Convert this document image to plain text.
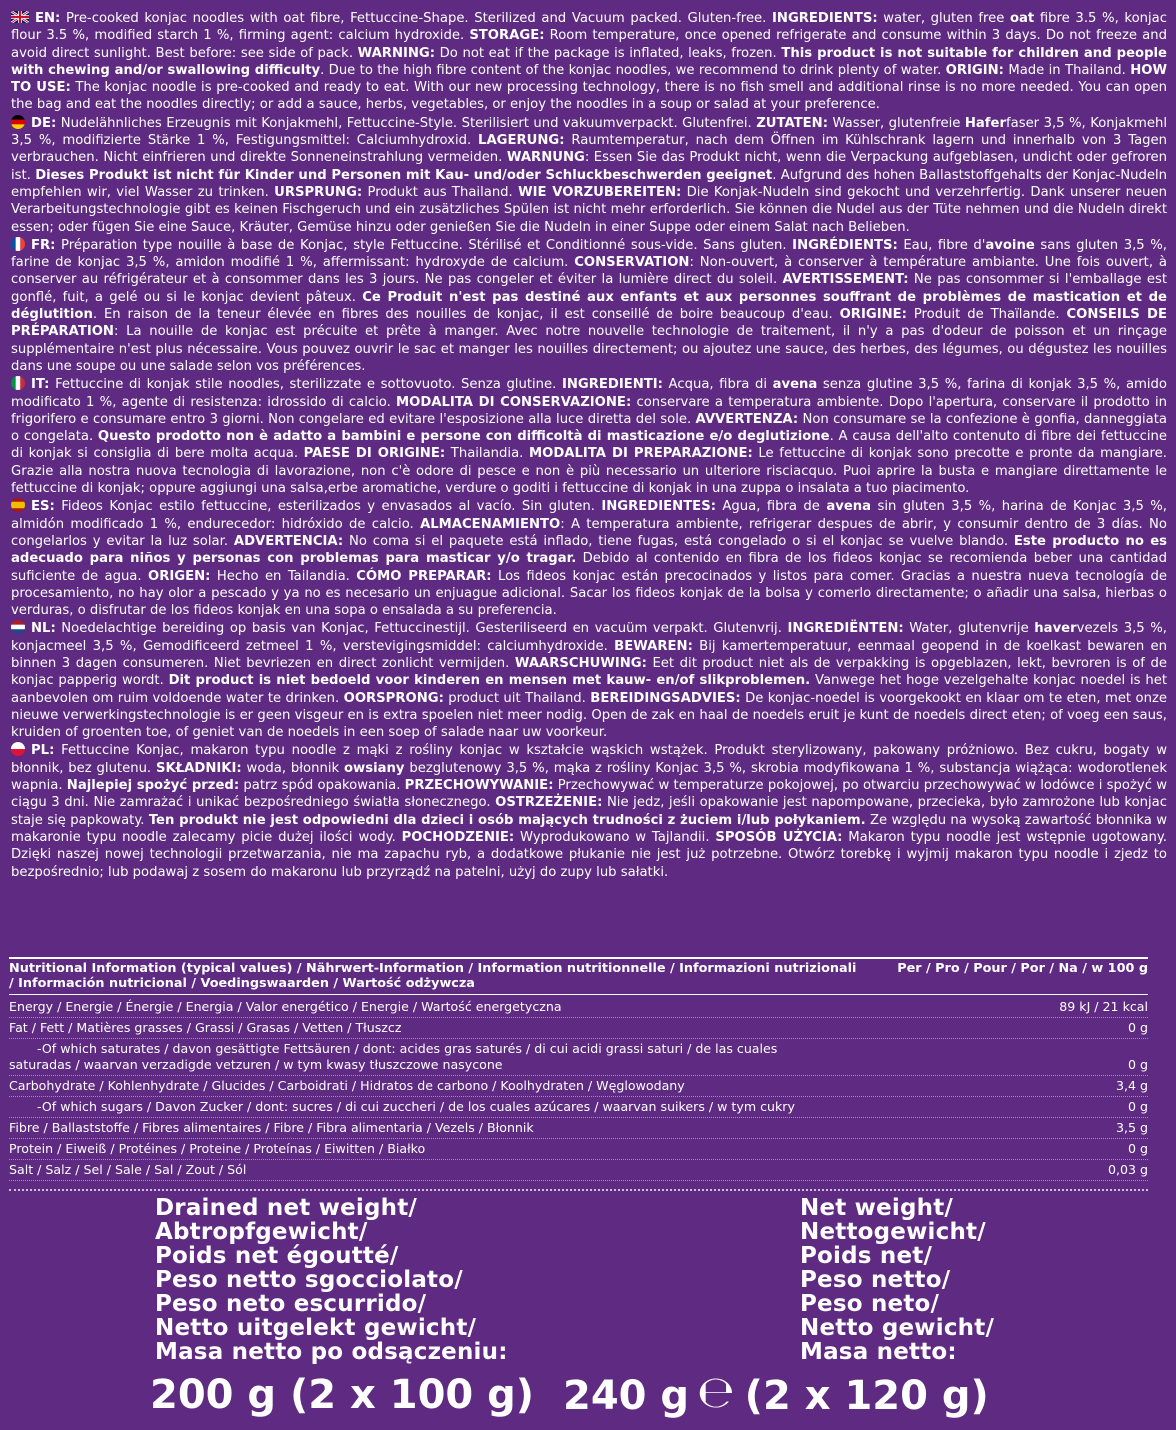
EN: Pre-cooked konjac noodles with oat fibre, Fettuccine-Shape. Sterilized and Vacuum packed. Gluten-free. INGREDIENTS: water, gluten free oat fibre 3.5 %, konjac flour 3.5 %, modified starch 1 %, firming agent: calcium hydroxide. STORAGE: Room temperature, once opened refrigerate and consume within 3 days. Do not freeze and avoid direct sunlight. Best before: see side of pack. WARNING: Do not eat if the package is inflated, leaks, frozen. This product is not suitable for children and people with chewing and/or swallowing difficulty. Due to the high fibre content of the konjac noodles, we recommend to drink plenty of water. ORIGIN: Made in Thailand. HOW TO USE: The konjac noodle is pre-cooked and ready to eat. With our new processing technology, there is no fish smell and additional rinse is no more needed. You can open the bag and eat the noodles directly; or add a sauce, herbs, vegetables, or enjoy the noodles in a soup or salad at your preference.

DE: Nudelähnliches Erzeugnis mit Konjakmehl, Fettuccine-Style. Sterilisiert und vakuumverpackt. Glutenfrei. ZUTATEN: Wasser, glutenfreie Haferfaser 3,5 %, Konjakmehl 3,5 %, modifizierte Stärke 1 %, Festigungsmittel: Calciumhydroxid. LAGERUNG: Raumtemperatur, nach dem Öffnen im Kühlschrank lagern und innerhalb von 3 Tagen verbrauchen. Nicht einfrieren und direkte Sonneneinstrahlung vermeiden. WARNUNG: Essen Sie das Produkt nicht, wenn die Verpackung aufgeblasen, undicht oder gefroren ist. Dieses Produkt ist nicht für Kinder und Personen mit Kau- und/oder Schluckbeschwerden geeignet. Aufgrund des hohen Ballaststoffgehalts der Konjac-Nudeln empfehlen wir, viel Wasser zu trinken. URSPRUNG: Produkt aus Thailand. WIE VORZUBEREITEN: Die Konjak-Nudeln sind gekocht und verzehrfertig. Dank unserer neuen Verarbeitungstechnologie gibt es keinen Fischgeruch und ein zusätzliches Spülen ist nicht mehr erforderlich. Sie können die Nudel aus der Tüte nehmen und die Nudeln direkt essen; oder fügen Sie eine Sauce, Kräuter, Gemüse hinzu oder genießen Sie die Nudeln in einer Suppe oder einem Salat nach Belieben.

FR: Préparation type nouille à base de Konjac, style Fettuccine. Stérilisé et Conditionné sous-vide. Sans gluten. INGRÉDIENTS: Eau, fibre d'avoine sans gluten 3,5 %, farine de konjac 3,5 %, amidon modifié 1 %, affermissant: hydroxyde de calcium. CONSERVATION: Non-ouvert, à conserver à température ambiante. Une fois ouvert, à conserver au réfrigérateur et à consommer dans les 3 jours. Ne pas congeler et éviter la lumière direct du soleil. AVERTISSEMENT: Ne pas consommer si l'emballage est gonflé, fuit, a gelé ou si le konjac devient pâteux. Ce Produit n'est pas destiné aux enfants et aux personnes souffrant de problèmes de mastication et de déglutition. En raison de la teneur élevée en fibres des nouilles de konjac, il est conseillé de boire beaucoup d'eau. ORIGINE: Produit de Thaïlande. CONSEILS DE PRÉPARATION: La nouille de konjac est précuite et prête à manger. Avec notre nouvelle technologie de traitement, il n'y a pas d'odeur de poisson et un rinçage supplémentaire n'est plus nécessaire. Vous pouvez ouvrir le sac et manger les nouilles directement; ou ajoutez une sauce, des herbes, des légumes, ou dégustez les nouilles dans une soupe ou une salade selon vos préférences.

IT: Fettuccine di konjak stile noodles, sterilizzate e sottovuoto. Senza glutine. INGREDIENTI: Acqua, fibra di avena senza glutine 3,5 %, farina di konjak 3,5 %, amido modificato 1 %, agente di resistenza: idrossido di calcio. MODALITA DI CONSERVAZIONE: conservare a temperatura ambiente. Dopo l'apertura, conservare il prodotto in frigorifero e consumare entro 3 giorni. Non congelare ed evitare l'esposizione alla luce diretta del sole. AVVERTENZA: Non consumare se la confezione è gonfia, danneggiata o congelata. Questo prodotto non è adatto a bambini e persone con difficoltà di masticazione e/o deglutizione. A causa dell'alto contenuto di fibre dei fettuccine di konjak si consiglia di bere molta acqua. PAESE DI ORIGINE: Thailandia. MODALITA DI PREPARAZIONE: Le fettuccine di konjak sono precotte e pronte da mangiare. Grazie alla nostra nuova tecnologia di lavorazione, non c'è odore di pesce e non è più necessario un ulteriore risciacquo. Puoi aprire la busta e mangiare direttamente le fettuccine di konjak; oppure aggiungi una salsa,erbe aromatiche, verdure o goditi i fettuccine di konjak in una zuppa o insalata a tuo piacimento.

ES: Fideos Konjac estilo fettuccine, esterilizados y envasados al vacío. Sin gluten. INGREDIENTES: Agua, fibra de avena sin gluten 3,5 %, harina de Konjac 3,5 %, almidón modificado 1 %, endurecedor: hidróxido de calcio. ALMACENAMIENTO: A temperatura ambiente, refrigerar despues de abrir, y consumir dentro de 3 días. No congelarlos y evitar la luz solar. ADVERTENCIA: No coma si el paquete está inflado, tiene fugas, está congelado o si el konjac se vuelve blando. Este producto no es adecuado para niños y personas con problemas para masticar y/o tragar. Debido al contenido en fibra de los fideos konjac se recomienda beber una cantidad suficiente de agua. ORIGEN: Hecho en Tailandia. CÓMO PREPARAR: Los fideos konjac están precocinados y listos para comer. Gracias a nuestra nueva tecnología de procesamiento, no hay olor a pescado y ya no es necesario un enjuague adicional. Sacar los fideos konjak de la bolsa y comerlo directamente; o añadir una salsa, hierbas o verduras, o disfrutar de los fideos konjak en una sopa o ensalada a su preferencia.

NL: Noedelachtige bereiding op basis van Konjac, Fettuccinestijl. Gesteriliseerd en vacuüm verpakt. Glutenvrij. INGREDIËNTEN: Water, glutenvrije havervezels 3,5 %, konjacmeel 3,5 %, Gemodificeerd zetmeel 1 %, verstevigingsmiddel: calciumhydroxide. BEWAREN: Bij kamertemperatuur, eenmaal geopend in de koelkast bewaren en binnen 3 dagen consumeren. Niet bevriezen en direct zonlicht vermijden. WAARSCHUWING: Eet dit product niet als de verpakking is opgeblazen, lekt, bevroren is of de konjac papperig wordt. Dit product is niet bedoeld voor kinderen en mensen met kauw- en/of slikproblemen. Vanwege het hoge vezelgehalte konjac noedel is het aanbevolen om ruim voldoende water te drinken. OORSPRONG: product uit Thailand. BEREIDINGSADVIES: De konjac-noedel is voorgekookt en klaar om te eten, met onze nieuwe verwerkingstechnologie is er geen visgeur en is extra spoelen niet meer nodig. Open de zak en haal de noedels eruit je kunt de noedels direct eten; of voeg een saus, kruiden of groenten toe, of geniet van de noedels in een soep of salade naar uw voorkeur.

PL: Fettuccine Konjac, makaron typu noodle z mąki z rośliny konjac w kształcie wąskich wstążek. Produkt sterylizowany, pakowany próżniowo. Bez cukru, bogaty w błonnik, bez glutenu. SKŁADNIKI: woda, błonnik owsiany bezglutenowy 3,5 %, mąka z rośliny Konjac 3,5 %, skrobia modyfikowana 1 %, substancja wiążąca: wodorotlenek wapnia. Najlepiej spożyć przed: patrz spód opakowania. PRZECHOWYWANIE: Przechowywać w temperaturze pokojowej, po otwarciu przechowywać w lodówce i spożyć w ciągu 3 dni. Nie zamrażać i unikać bezpośredniego światła słonecznego. OSTRZEŻENIE: Nie jedz, jeśli opakowanie jest napompowane, przecieka, było zamrożone lub konjac staje się papkowaty. Ten produkt nie jest odpowiedni dla dzieci i osób mających trudności z żuciem i/lub połykaniem. Ze względu na wysoką zawartość błonnika w makaronie typu noodle zalecamy picie dużej ilości wody. POCHODZENIE: Wyprodukowano w Tajlandii. SPOSÓB UŻYCIA: Makaron typu noodle jest wstępnie ugotowany. Dzięki naszej nowej technologii przetwarzania, nie ma zapachu ryb, a dodatkowe płukanie nie jest już potrzebne. Otwórz torebkę i wyjmij makaron typu noodle i zjedz to bezpośrednio; lub podawaj z sosem do makaronu lub przyrządź na patelni, użyj do zupy lub sałatki.

Nutritional Information (typical values) / Nährwert-Information / Information nutritionnelle / Informazioni nutrizionali
/ Información nutricional / Voedingswaarden / Wartość odżywcza
Per / Pro / Pour / Por / Na / w 100 g
Energy / Energie / Énergie / Energia / Valor energético / Energie / Wartość energetyczna	89 kJ / 21 kcal
Fat / Fett / Matières grasses / Grassi / Grasas / Vetten / Tłuszcz	0 g
-Of which saturates / davon gesättigte Fettsäuren / dont: acides gras saturés / di cui acidi grassi saturi / de las cuales
saturadas / waarvan verzadigde vetzuren / w tym kwasy tłuszczowe nasycone	0 g
Carbohydrate / Kohlenhydrate / Glucides / Carboidrati / Hidratos de carbono / Koolhydraten / Węglowodany	3,4 g
-Of which sugars / Davon Zucker / dont: sucres / di cui zuccheri / de los cuales azúcares / waarvan suikers / w tym cukry	0 g
Fibre / Ballaststoffe / Fibres alimentaires / Fibre / Fibra alimentaria / Vezels / Błonnik	3,5 g
Protein / Eiweiß / Protéines / Proteine / Proteínas / Eiwitten / Białko	0 g
Salt / Salz / Sel / Sale / Sal / Zout / Sól	0,03 g
Drained net weight/
Abtropfgewicht/
Poids net égoutté/
Peso netto sgocciolato/
Peso neto escurrido/
Netto uitgelekt gewicht/
Masa netto po odsączeniu:
Net weight/
Nettogewicht/
Poids net/
Peso netto/
Peso neto/
Netto gewicht/
Masa netto:
200 g (2 x 100 g) 240 g ℮ (2 x 120 g)
